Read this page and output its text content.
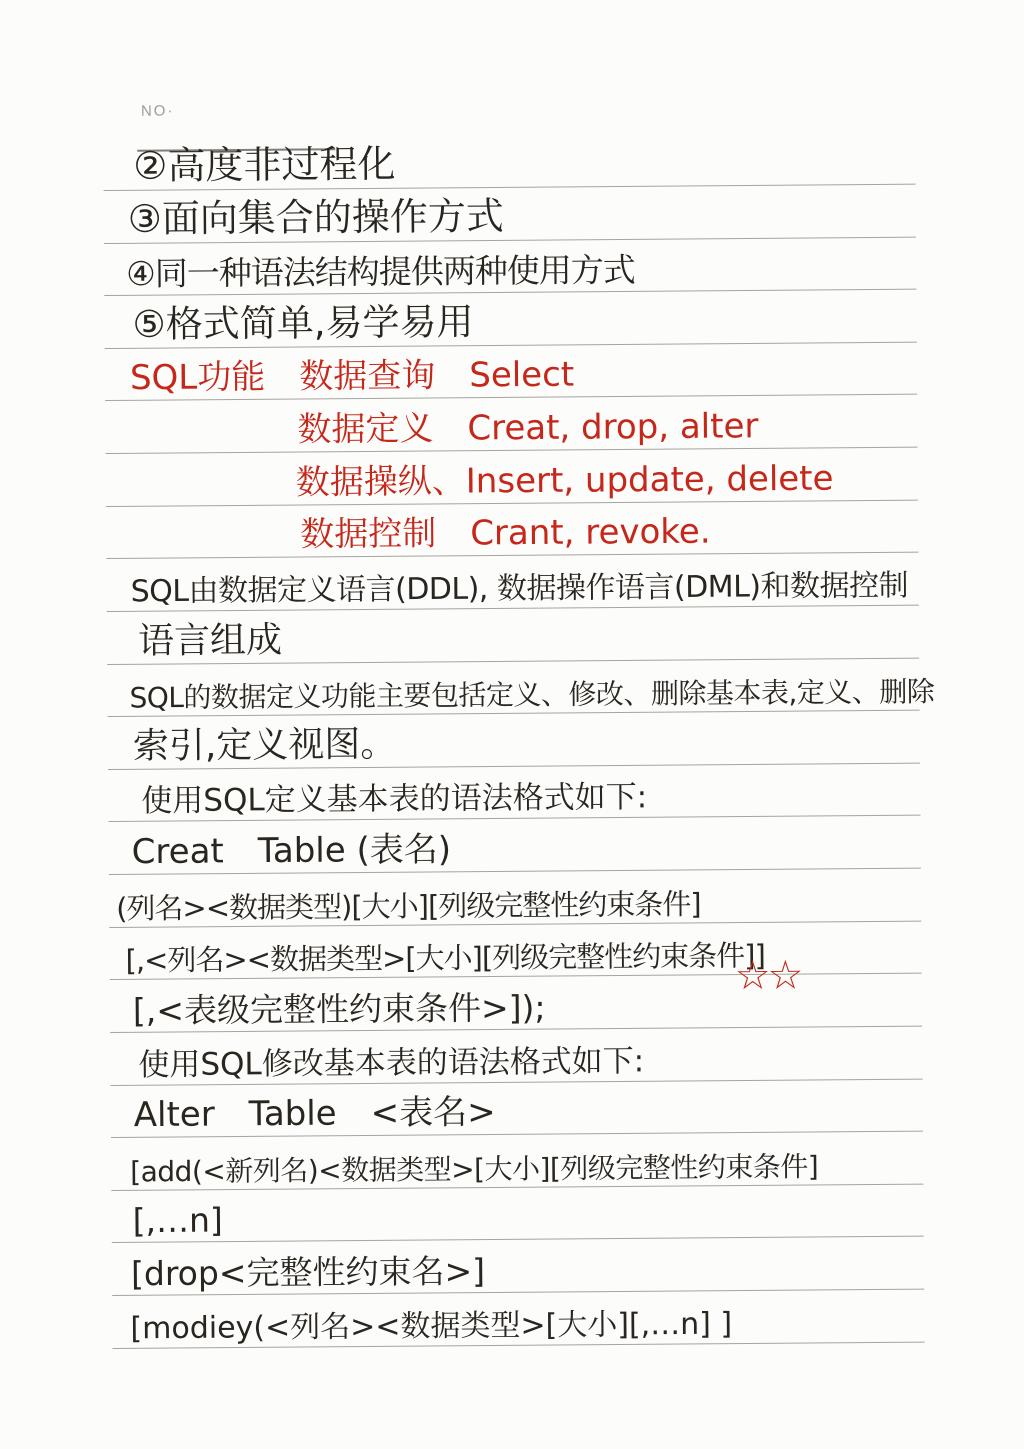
NO·
②高度非过程化
③面向集合的操作方式
④同一种语法结构提供两种使用方式
⑤格式简单,易学易用
SQL功能　数据查询　Select
数据定义　Creat, drop, alter
数据操纵、Insert, update, delete
数据控制　Crant, revoke.
SQL由数据定义语言(DDL), 数据操作语言(DML)和数据控制
语言组成
SQL的数据定义功能主要包括定义、修改、删除基本表,定义、删除
索引,定义视图。
使用SQL定义基本表的语法格式如下:
Creat　Table (表名)
(列名><数据类型)[大小][列级完整性约束条件]
[,<列名><数据类型>[大小][列级完整性约束条件]]
[,<表级完整性约束条件>]);
使用SQL修改基本表的语法格式如下:
Alter　Table　<表名>
[add(<新列名)<数据类型>[大小][列级完整性约束条件]
[,…n]
[drop<完整性约束名>]
[modiey(<列名><数据类型>[大小][,…n] ]
☆☆
